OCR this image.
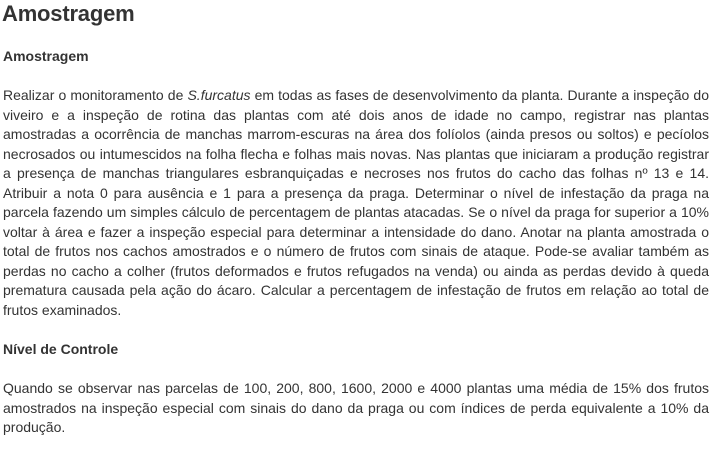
Amostragem
Amostragem

Realizar o monitoramento de S.furcatus em todas as fases de desenvolvimento da planta. Durante a inspeção do viveiro e a inspeção de rotina das plantas com até dois anos de idade no campo, registrar nas plantas amostradas a ocorrência de manchas marrom-escuras na área dos folíolos (ainda presos ou soltos) e pecíolos necrosados ou intumescidos na folha flecha e folhas mais novas. Nas plantas que iniciaram a produção registrar a presença de manchas triangulares esbranquiçadas e necroses nos frutos do cacho das folhas nº 13 e 14. Atribuir a nota 0 para ausência e 1 para a presença da praga. Determinar o nível de infestação da praga na parcela fazendo um simples cálculo de percentagem de plantas atacadas. Se o nível da praga for superior a 10% voltar à área e fazer a inspeção especial para determinar a intensidade do dano. Anotar na planta amostrada o total de frutos nos cachos amostrados e o número de frutos com sinais de ataque. Pode-se avaliar também as perdas no cacho a colher (frutos deformados e frutos refugados na venda) ou ainda as perdas devido à queda prematura causada pela ação do ácaro. Calcular a percentagem de infestação de frutos em relação ao total de frutos examinados.

Nível de Controle

Quando se observar nas parcelas de 100, 200, 800, 1600, 2000 e 4000 plantas uma média de 15% dos frutos amostrados na inspeção especial com sinais do dano da praga ou com índices de perda equivalente a 10% da produção.
